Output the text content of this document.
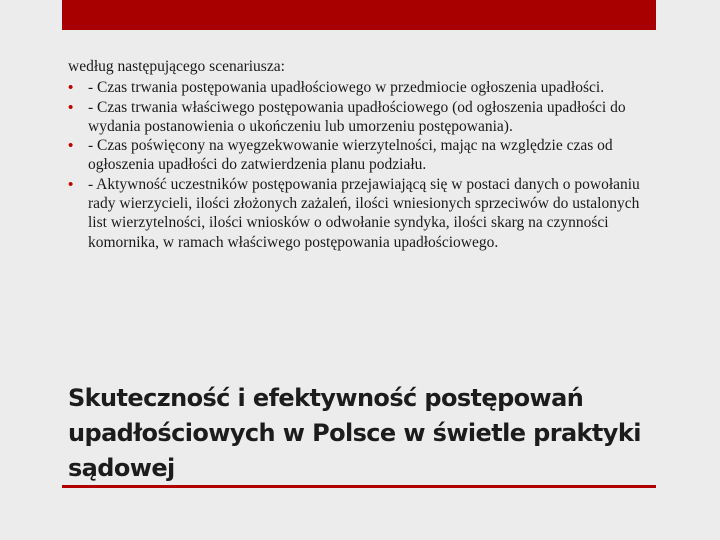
według następującego scenariusza:

• - Czas trwania postępowania upadłościowego w przedmiocie ogłoszenia upadłości.
• - Czas trwania właściwego postępowania upadłościowego (od ogłoszenia upadłości do wydania postanowienia o ukończeniu lub umorzeniu postępowania).
• - Czas poświęcony na wyegzekwowanie wierzytelności, mając na względzie czas od ogłoszenia upadłości do zatwierdzenia planu podziału.
• - Aktywność uczestników postępowania przejawiającą się w postaci danych o powołaniu rady wierzycieli, ilości złożonych zażaleń, ilości wniesionych sprzeciwów do ustalonych list wierzytelności, ilości wniosków o odwołanie syndyka, ilości skarg na czynności komornika, w ramach właściwego postępowania upadłościowego.
Skuteczność i efektywność postępowań upadłościowych w Polsce w świetle praktyki sądowej
